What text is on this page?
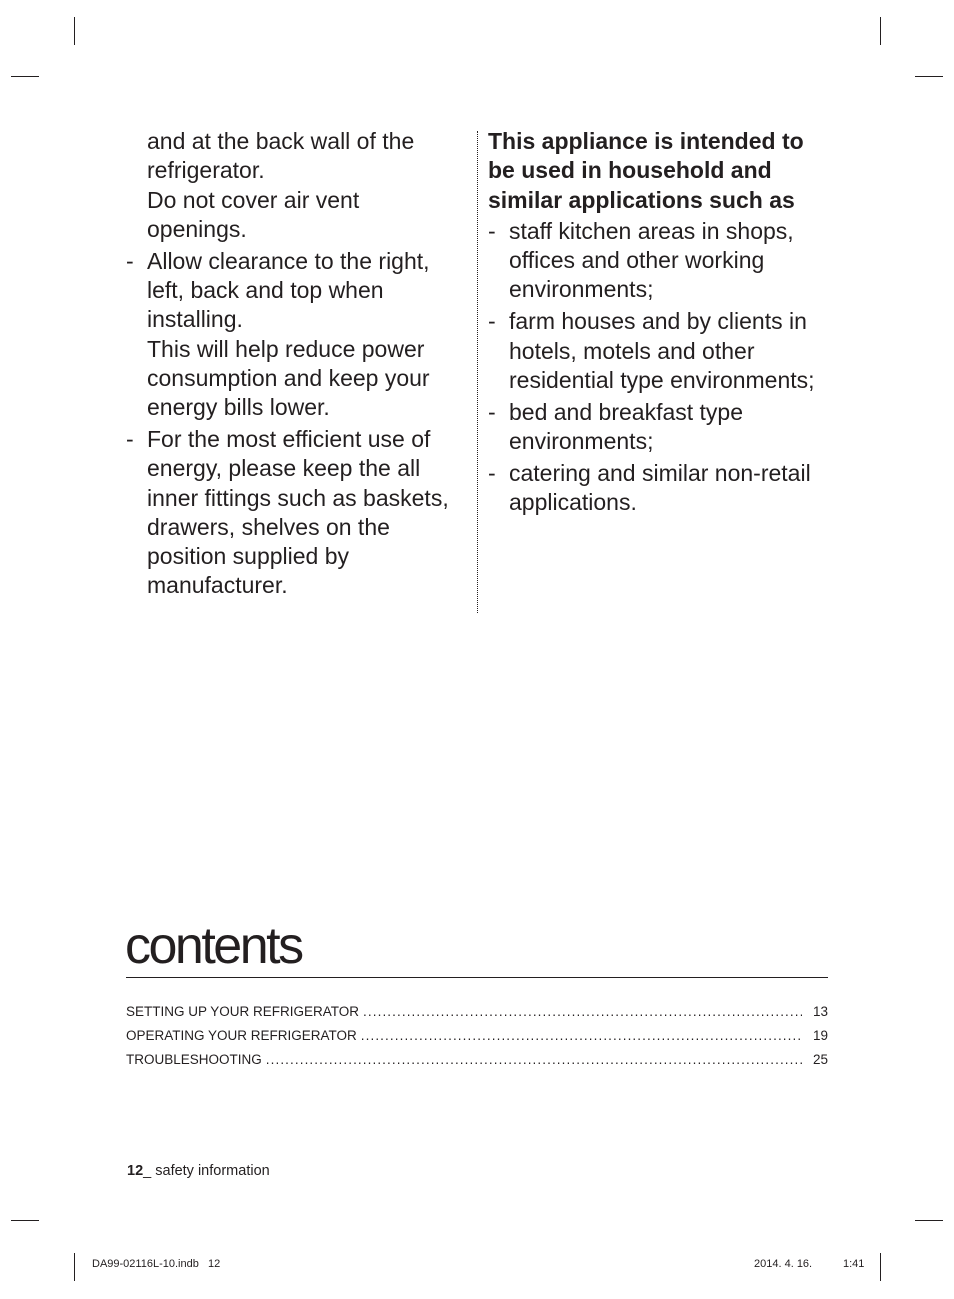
and at the back wall of the refrigerator.

Do not cover air vent openings.

- Allow clearance to the right, left, back and top when installing.

This will help reduce power consumption and keep your energy bills lower.

- For the most efficient use of energy, please keep the all inner fittings such as baskets, drawers, shelves on the position supplied by manufacturer.

This appliance is intended to be used in household and similar applications such as

- staff kitchen areas in shops, offices and other working environments;

- farm houses and by clients in hotels, motels and other residential type environments;

- bed and breakfast type environments;

- catering and similar non-retail applications.

contents
SETTING UP YOUR REFRIGERATOR .....	13
OPERATING YOUR REFRIGERATOR .....	19
TROUBLESHOOTING .....	25
12_ safety information
DA99-02116L-10.indb   12	2014. 4. 16.	1:41
